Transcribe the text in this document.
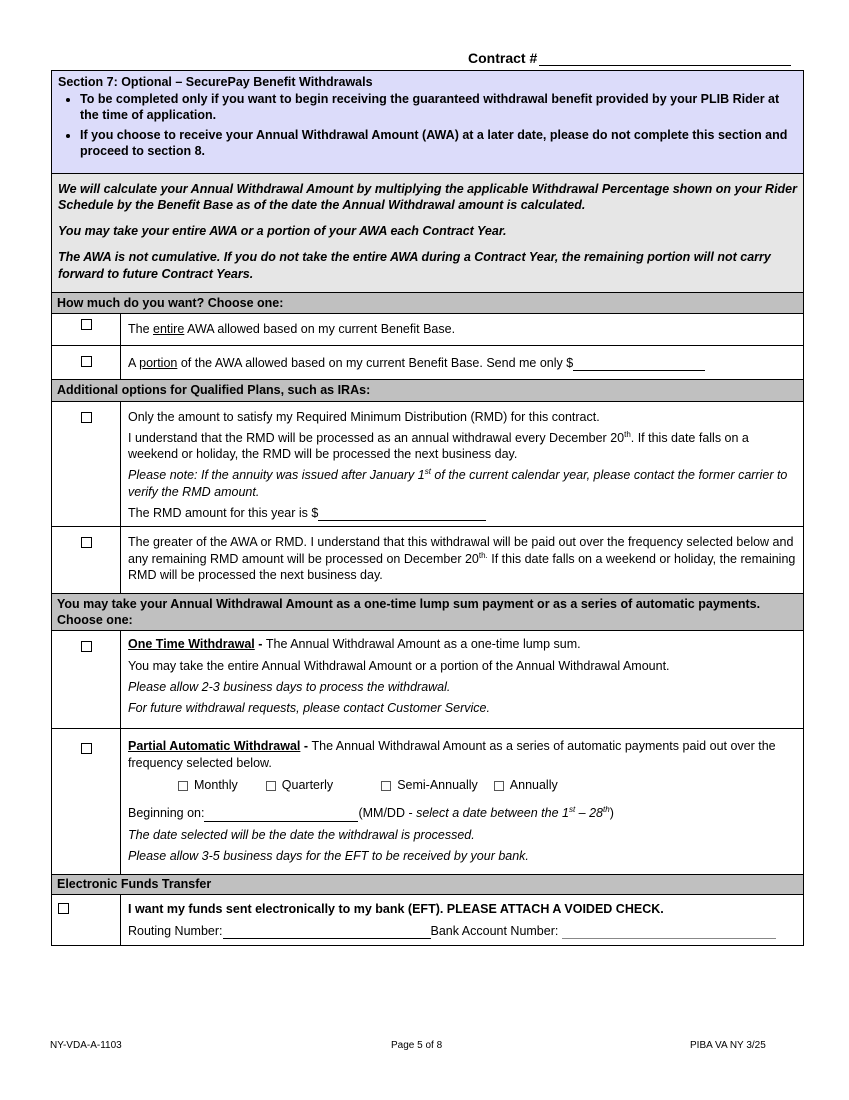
Contract #
Section 7: Optional – SecurePay Benefit Withdrawals
• To be completed only if you want to begin receiving the guaranteed withdrawal benefit provided by your PLIB Rider at the time of application.
• If you choose to receive your Annual Withdrawal Amount (AWA) at a later date, please do not complete this section and proceed to section 8.

We will calculate your Annual Withdrawal Amount by multiplying the applicable Withdrawal Percentage shown on your Rider Schedule by the Benefit Base as of the date the Annual Withdrawal amount is calculated.

You may take your entire AWA or a portion of your AWA each Contract Year.

The AWA is not cumulative. If you do not take the entire AWA during a Contract Year, the remaining portion will not carry forward to future Contract Years.

How much do you want? Choose one:
The entire AWA allowed based on my current Benefit Base.
A portion of the AWA allowed based on my current Benefit Base. Send me only $
Additional options for Qualified Plans, such as IRAs:

Only the amount to satisfy my Required Minimum Distribution (RMD) for this contract.

I understand that the RMD will be processed as an annual withdrawal every December 20th. If this date falls on a weekend or holiday, the RMD will be processed the next business day.

Please note: If the annuity was issued after January 1st of the current calendar year, please contact the former carrier to verify the RMD amount.

The RMD amount for this year is $

The greater of the AWA or RMD. I understand that this withdrawal will be paid out over the frequency selected below and any remaining RMD amount will be processed on December $20^{th.}$ If this date falls on a weekend or holiday, the remaining RMD will be processed the next business day.
You may take your Annual Withdrawal Amount as a one-time lump sum payment or as a series of automatic payments. Choose one:

One Time Withdrawal - The Annual Withdrawal Amount as a one-time lump sum.

You may take the entire Annual Withdrawal Amount or a portion of the Annual Withdrawal Amount.

Please allow 2-3 business days to process the withdrawal.

For future withdrawal requests, please contact Customer Service.

Partial Automatic Withdrawal - The Annual Withdrawal Amount as a series of automatic payments paid out over the frequency selected below.

Monthly	Quarterly	Semi-Annually	Annually

Beginning on:	(MM/DD - select a date between the 1st – 28th)

The date selected will be the date the withdrawal is processed.

Please allow 3-5 business days for the EFT to be received by your bank.

Electronic Funds Transfer

I want my funds sent electronically to my bank (EFT). PLEASE ATTACH A VOIDED CHECK.

Routing Number:	Bank Account Number:

NY-VDA-A-1103	Page 5 of 8	PIBA VA NY 3/25
